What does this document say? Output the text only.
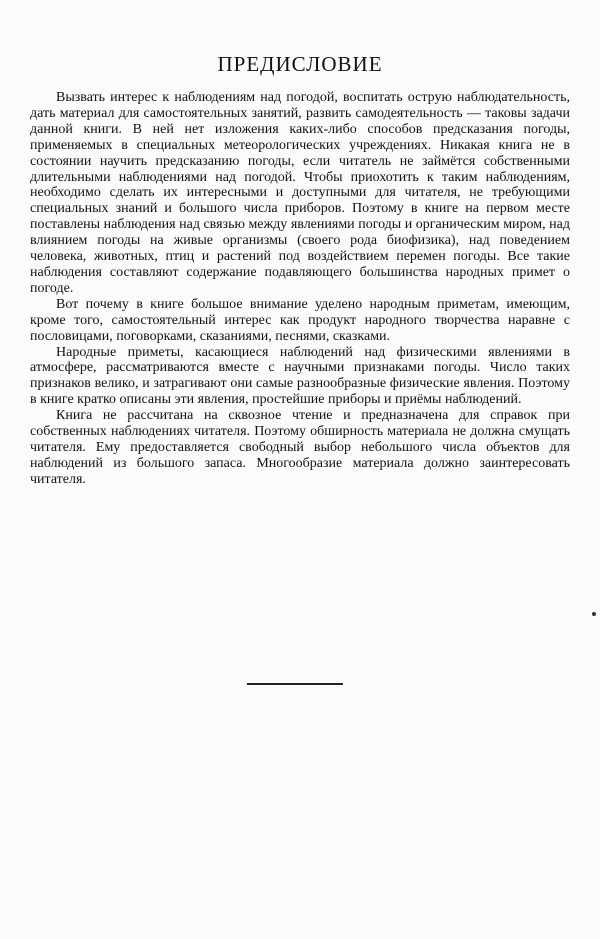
ПРЕДИСЛОВИЕ

Вызвать интерес к наблюдениям над погодой, воспитать острую наблюдательность, дать материал для самостоятельных занятий, развить самодеятельность — таковы задачи данной книги. В ней нет изложения каких-либо способов предсказания погоды, применяемых в специальных метеорологических учреждениях. Никакая книга не в состоянии научить предсказанию погоды, если читатель не займётся собственными длительными наблюдениями над погодой. Чтобы приохотить к таким наблюдениям, необходимо сделать их интересными и доступными для читателя, не требующими специальных знаний и большого числа приборов. Поэтому в книге на первом месте поставлены наблюдения над связью между явлениями погоды и органическим миром, над влиянием погоды на живые организмы (своего рода биофизика), над поведением человека, животных, птиц и растений под воздействием перемен погоды. Все такие наблюдения составляют содержание подавляющего большинства народных примет о погоде.

Вот почему в книге большое внимание уделено народным приметам, имеющим, кроме того, самостоятельный интерес как продукт народного творчества наравне с пословицами, поговорками, сказаниями, песнями, сказками.

Народные приметы, касающиеся наблюдений над физическими явлениями в атмосфере, рассматриваются вместе с научными признаками погоды. Число таких признаков велико, и затрагивают они самые разнообразные физические явления. Поэтому в книге кратко описаны эти явления, простейшие приборы и приёмы наблюдений.

Книга не рассчитана на сквозное чтение и предназначена для справок при собственных наблюдениях читателя. Поэтому обширность материала не должна смущать читателя. Ему предоставляется свободный выбор небольшого числа объектов для наблюдений из большого запаса. Многообразие материала должно заинтересовать читателя.
